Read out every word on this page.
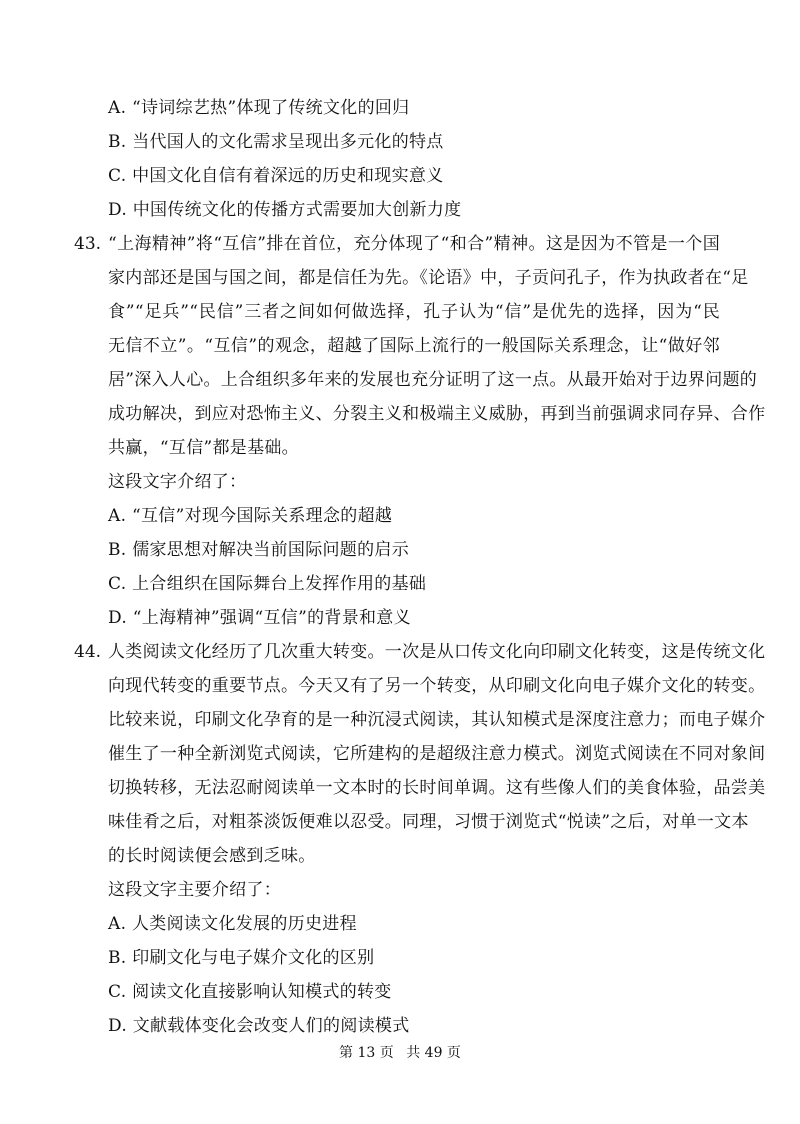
A. “诗词综艺热”体现了传统文化的回归
B. 当代国人的文化需求呈现出多元化的特点
C. 中国文化自信有着深远的历史和现实意义
D. 中国传统文化的传播方式需要加大创新力度
43. “上海精神”将“互信”排在首位，充分体现了“和合”精神。这是因为不管是一个国
家内部还是国与国之间，都是信任为先。《论语》中，子贡问孔子，作为执政者在“足
食”“足兵”“民信”三者之间如何做选择，孔子认为“信”是优先的选择，因为“民
无信不立”。“互信”的观念，超越了国际上流行的一般国际关系理念，让“做好邻
居”深入人心。上合组织多年来的发展也充分证明了这一点。从最开始对于边界问题的
成功解决，到应对恐怖主义、分裂主义和极端主义威胁，再到当前强调求同存异、合作
共赢，“互信”都是基础。
这段文字介绍了：
A. “互信”对现今国际关系理念的超越
B. 儒家思想对解决当前国际问题的启示
C. 上合组织在国际舞台上发挥作用的基础
D. “上海精神”强调“互信”的背景和意义
44. 人类阅读文化经历了几次重大转变。一次是从口传文化向印刷文化转变，这是传统文化
向现代转变的重要节点。今天又有了另一个转变，从印刷文化向电子媒介文化的转变。
比较来说，印刷文化孕育的是一种沉浸式阅读，其认知模式是深度注意力；而电子媒介
催生了一种全新浏览式阅读，它所建构的是超级注意力模式。浏览式阅读在不同对象间
切换转移，无法忍耐阅读单一文本时的长时间单调。这有些像人们的美食体验，品尝美
味佳肴之后，对粗茶淡饭便难以忍受。同理，习惯于浏览式“悦读”之后，对单一文本
的长时阅读便会感到乏味。
这段文字主要介绍了：
A. 人类阅读文化发展的历史进程
B. 印刷文化与电子媒介文化的区别
C. 阅读文化直接影响认知模式的转变
D. 文献载体变化会改变人们的阅读模式
第 13 页 共 49 页
